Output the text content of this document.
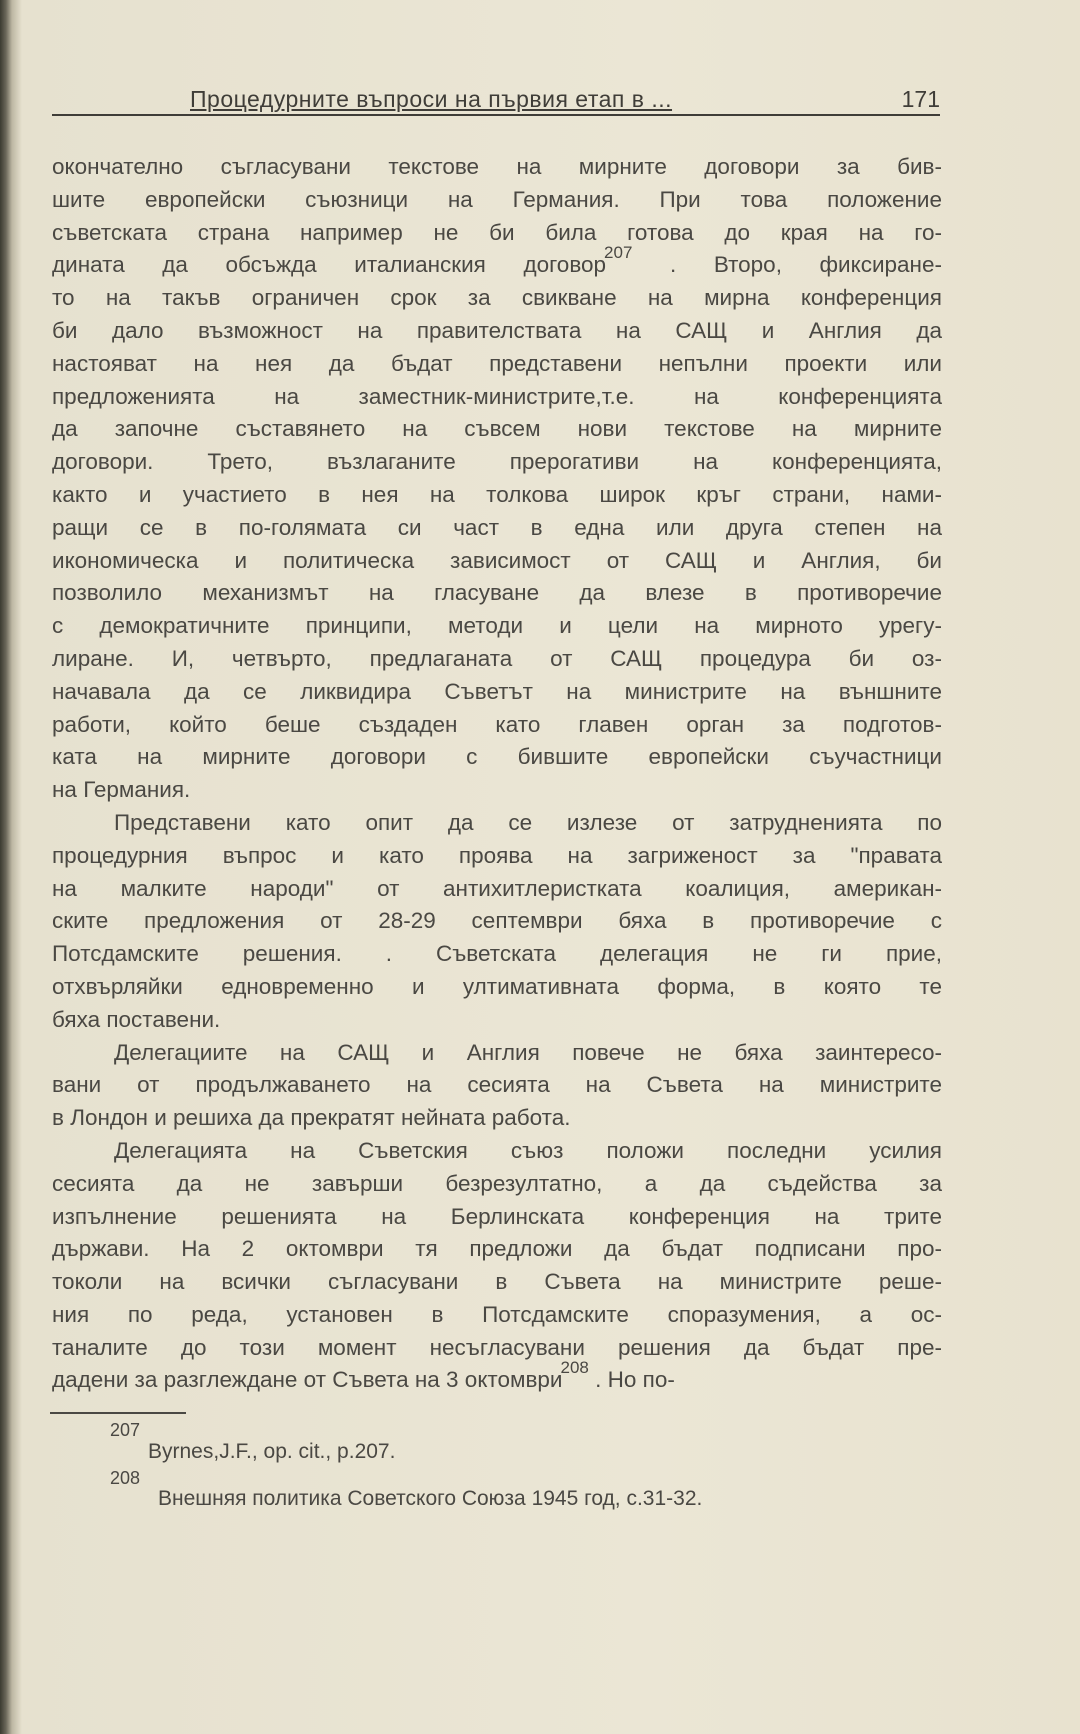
Процедурните въпроси на първия етап в ...	171
окончателно съгласувани текстове на мирните договори за бив-
шите европейски съюзници на Германия. При това положение
съветската страна например не би била готова до края на го-
дината да обсъжда италианския договор$^{207}$ . Второ, фиксиране-
то на такъв ограничен срок за свикване на мирна конференция
би дало възможност на правителствата на САЩ и Англия да
настояват на нея да бъдат представени непълни проекти или
предложенията на заместник-министрите,т.е. на конференцията
да започне съставянето на съвсем нови текстове на мирните
договори. Трето, възлаганите прерогативи на конференцията,
както и участието в нея на толкова широк кръг страни, нами-
ращи се в по-голямата си част в една или друга степен на
икономическа и политическа зависимост от САЩ и Англия, би
позволило механизмът на гласуване да влезе в противоречие
с демократичните принципи, методи и цели на мирното урегу-
лиране. И, четвърто, предлаганата от САЩ процедура би оз-
начавала да се ликвидира Съветът на министрите на външните
работи, който беше създаден като главен орган за подготов-
ката на мирните договори с бившите европейски съучастници
на Германия.
Представени като опит да се излезе от затрудненията по
процедурния въпрос и като проява на загриженост за "правата
на малките народи" от антихитлеристката коалиция, американ-
ските предложения от 28-29 септември бяха в противоречие с
Потсдамските решения. . Съветската делегация не ги прие,
отхвърляйки едновременно и ултимативната форма, в която те
бяха поставени.
Делегациите на САЩ и Англия повече не бяха заинтересо-
вани от продължаването на сесията на Съвета на министрите
в Лондон и решиха да прекратят нейната работа.
Делегацията на Съветския съюз положи последни усилия
сесията да не завърши безрезултатно, а да съдейства за
изпълнение решенията на Берлинската конференция на трите
държави. На 2 октомври тя предложи да бъдат подписани про-
токоли на всички съгласувани в Съвета на министрите реше-
ния по реда, установен в Потсдамските споразумения, а ос-
таналите до този момент несъгласувани решения да бъдат пре-
дадени за разглеждане от Съвета на 3 октомври$^{208}$ . Но по-
207
Byrnes,J.F., op. cit., p.207.
208
Внешняя политика Советского Союза 1945 год, с.31-32.
